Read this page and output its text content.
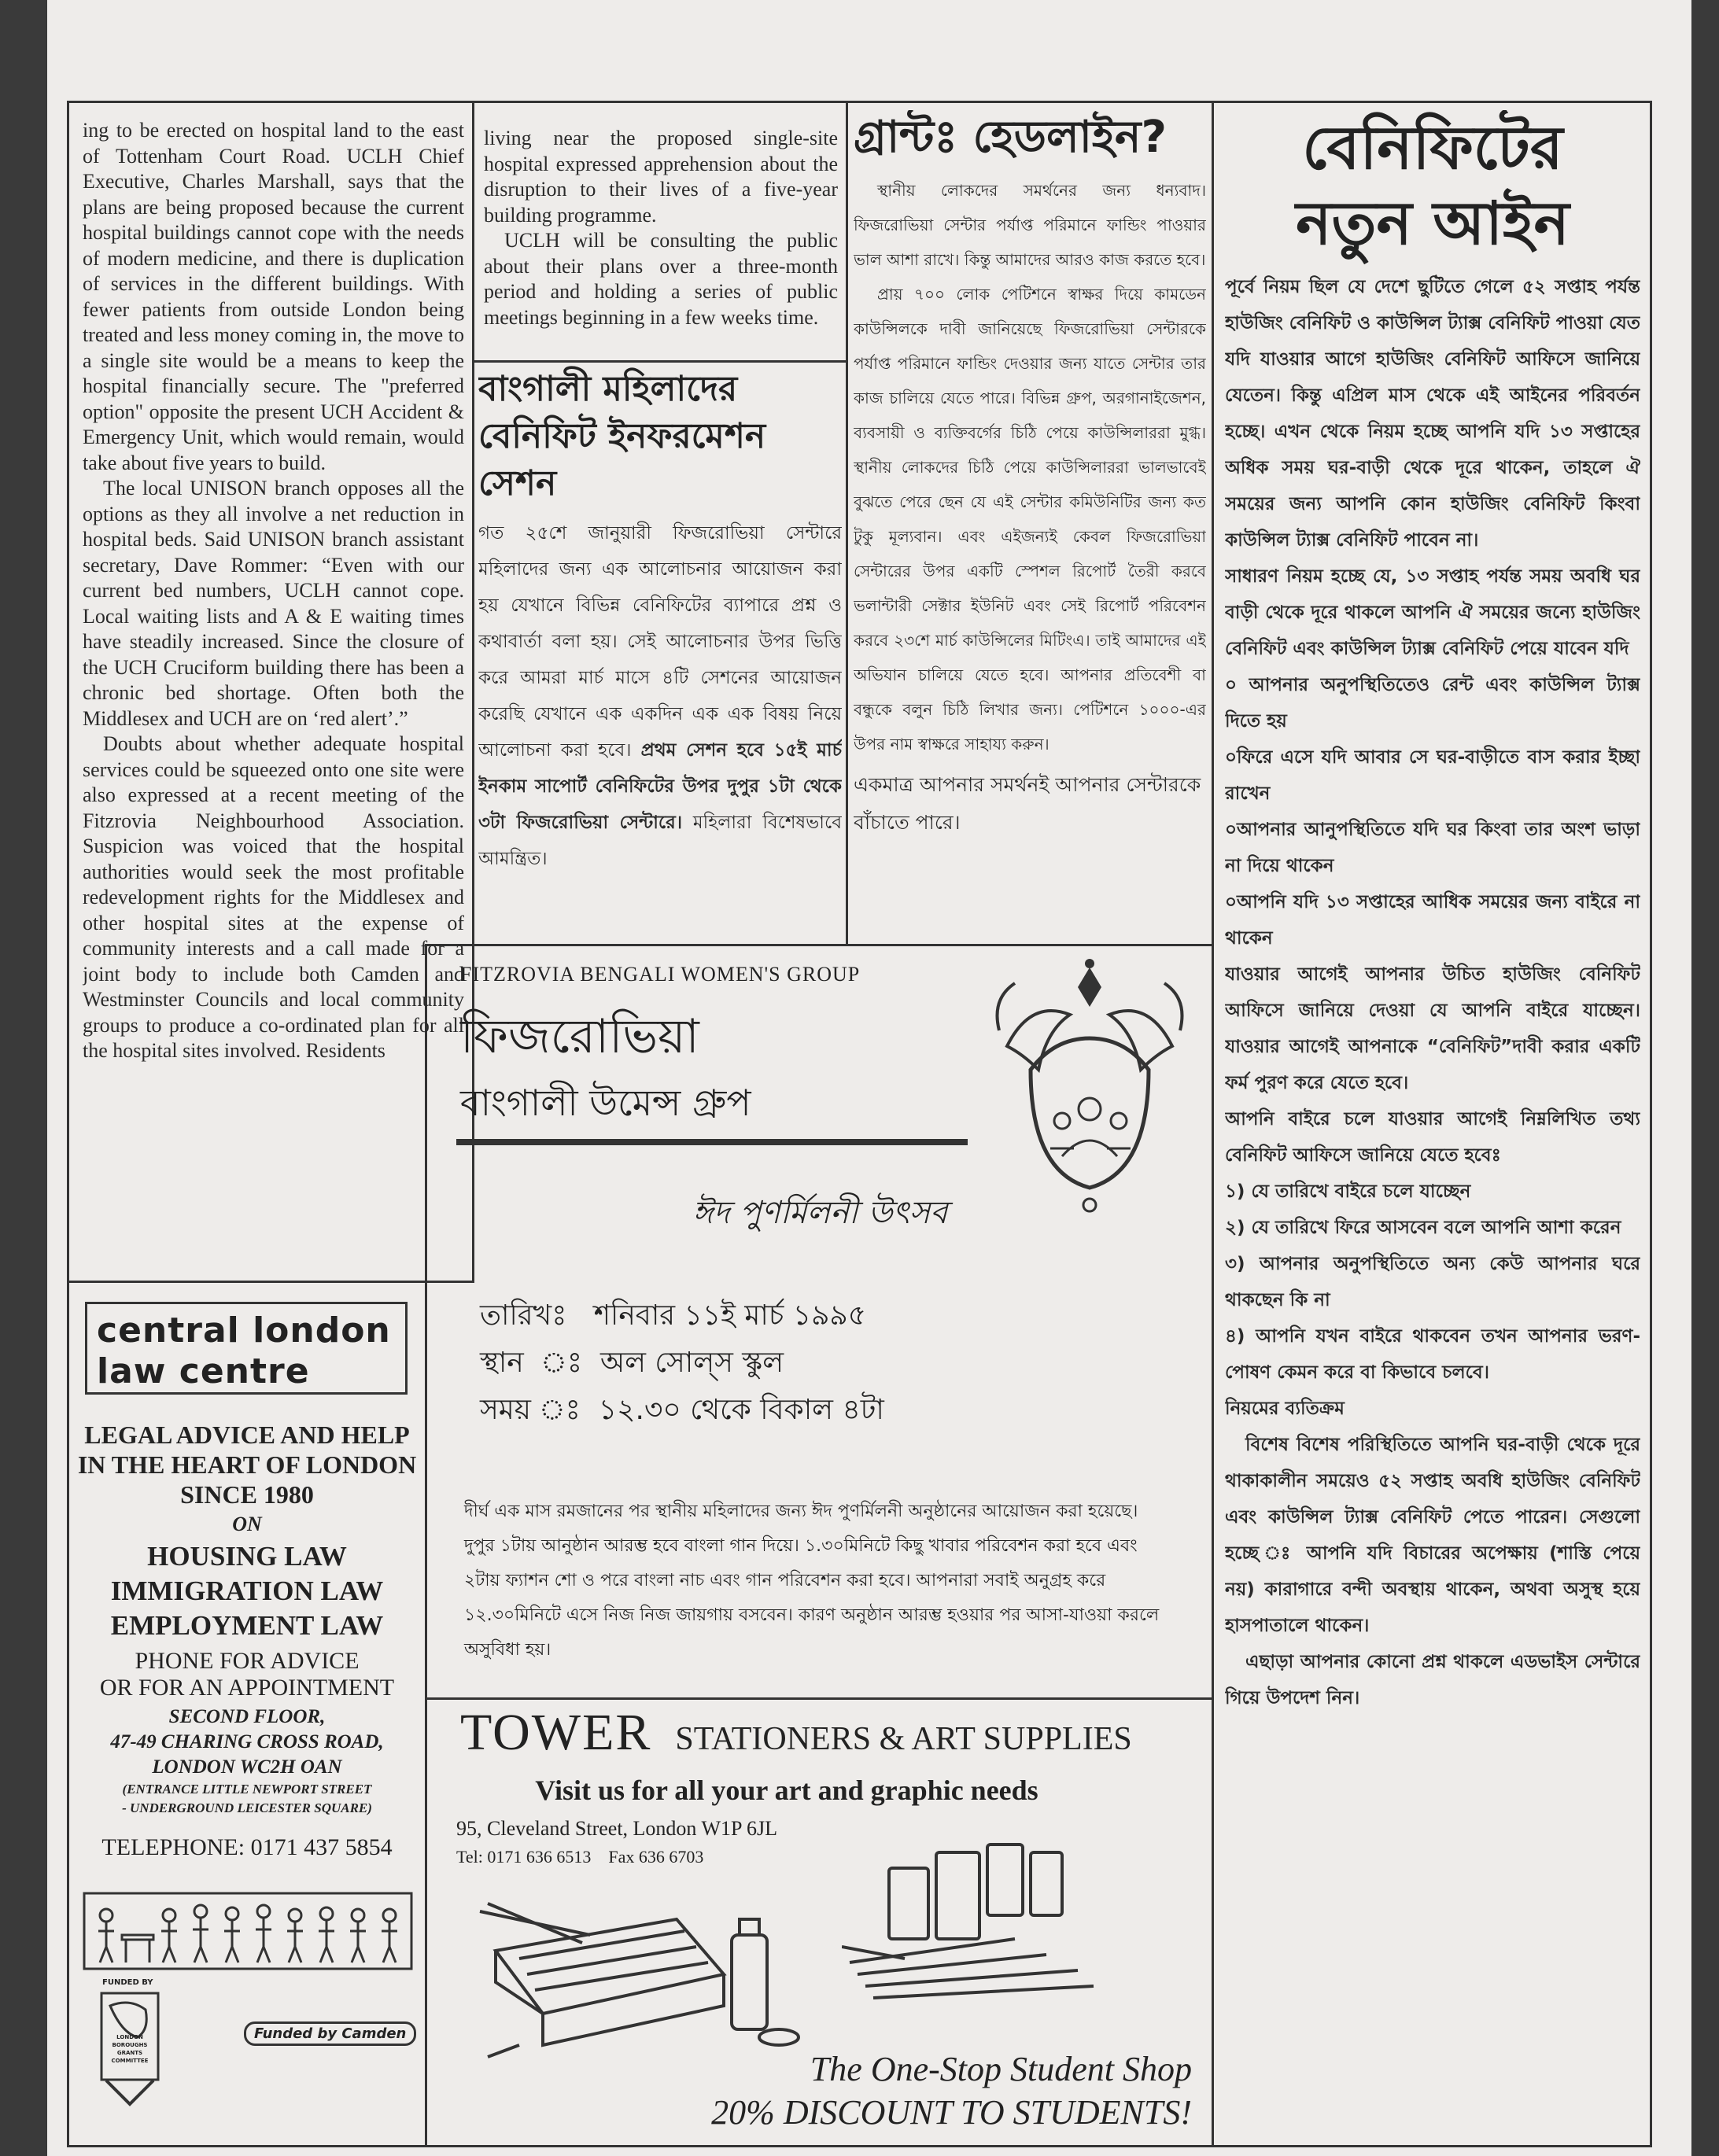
ing to be erected on hospital land to the east of Tottenham Court Road. UCLH Chief Executive, Charles Marshall, says that the plans are being proposed because the current hospital buildings cannot cope with the needs of modern medicine, and there is duplication of services in the different buildings. With fewer patients from outside London being treated and less money coming in, the move to a single site would be a means to keep the hospital financially secure. The "preferred option" opposite the present UCH Accident & Emergency Unit, which would remain, would take about five years to build.

The local UNISON branch opposes all the options as they all involve a net reduction in hospital beds. Said UNISON branch assistant secretary, Dave Rommer: “Even with our current bed numbers, UCLH cannot cope. Local waiting lists and A & E waiting times have steadily increased. Since the closure of the UCH Cruciform building there has been a chronic bed shortage. Often both the Middlesex and UCH are on ‘red alert’.”

Doubts about whether adequate hospital services could be squeezed onto one site were also expressed at a recent meeting of the Fitzrovia Neighbourhood Association. Suspicion was voiced that the hospital authorities would seek the most profitable redevelopment rights for the Middlesex and other hospital sites at the expense of community interests and a call made for a joint body to include both Camden and Westminster Councils and local community groups to produce a co-ordinated plan for all the hospital sites involved. Residents

living near the proposed single-site hospital expressed apprehension about the disruption to their lives of a five-year building programme.

UCLH will be consulting the public about their plans over a three-month period and holding a series of public meetings beginning in a few weeks time.

বাংগালী মহিলাদের বেনিফিট ইনফরমেশন সেশন
গত ২৫শে জানুয়ারী ফিজরোভিয়া সেন্টারে মহিলাদের জন্য এক আলোচনার আয়োজন করা হয় যেখানে বিভিন্ন বেনিফিটের ব্যাপারে প্রশ্ন ও কথাবার্তা বলা হয়। সেই আলোচনার উপর ভিত্তি করে আমরা মার্চ মাসে ৪টি সেশনের আয়োজন করেছি যেখানে এক একদিন এক এক বিষয় নিয়ে আলোচনা করা হবে। প্রথম সেশন হবে ১৫ই মার্চ ইনকাম সাপোর্ট বেনিফিটের উপর দুপুর ১টা থেকে ৩টা ফিজরোভিয়া সেন্টারে। মহিলারা বিশেষভাবে আমন্ত্রিত।
গ্রান্টঃ হেডলাইন?

স্থানীয় লোকদের সমর্থনের জন্য ধন্যবাদ। ফিজরোভিয়া সেন্টার পর্যাপ্ত পরিমানে ফান্ডিং পাওয়ার ভাল আশা রাখে। কিন্তু আমাদের আরও কাজ করতে হবে।

প্রায় ৭০০ লোক পেটিশনে স্বাক্ষর দিয়ে কামডেন কাউন্সিলকে দাবী জানিয়েছে ফিজরোভিয়া সেন্টারকে পর্যাপ্ত পরিমানে ফান্ডিং দেওয়ার জন্য যাতে সেন্টার তার কাজ চালিয়ে যেতে পারে। বিভিন্ন গ্রুপ, অরগানাইজেশন, ব্যবসায়ী ও ব্যক্তিবর্গের চিঠি পেয়ে কাউন্সিলাররা মুগ্ধ। স্থানীয় লোকদের চিঠি পেয়ে কাউন্সিলাররা ভালভাবেই বুঝতে পেরে ছেন যে এই সেন্টার কমিউনিটির জন্য কত টুকু মূল্যবান। এবং এইজন্যই কেবল ফিজরোভিয়া সেন্টারের উপর একটি স্পেশল রিপোর্ট তৈরী করবে ভলান্টারী সেক্টার ইউনিট এবং সেই রিপোর্ট পরিবেশন করবে ২৩শে মার্চ কাউন্সিলের মিটিংএ। তাই আমাদের এই অভিযান চালিয়ে যেতে হবে। আপনার প্রতিবেশী বা বন্ধুকে বলুন চিঠি লিখার জন্য। পেটিশনে ১০০০-এর উপর নাম স্বাক্ষরে সাহায্য করুন।

একমাত্র আপনার সমর্থনই আপনার সেন্টারকে বাঁচাতে পারে।
বেনিফিটের
নতুন আইন

পূর্বে নিয়ম ছিল যে দেশে ছুটিতে গেলে ৫২ সপ্তাহ পর্যন্ত হাউজিং বেনিফিট ও কাউন্সিল ট্যাক্স বেনিফিট পাওয়া যেত যদি যাওয়ার আগে হাউজিং বেনিফিট আফিসে জানিয়ে যেতেন। কিন্তু এপ্রিল মাস থেকে এই আইনের পরিবর্তন হচ্ছে। এখন থেকে নিয়ম হচ্ছে আপনি যদি ১৩ সপ্তাহের অধিক সময় ঘর-বাড়ী থেকে দূরে থাকেন, তাহলে ঐ সময়ের জন্য আপনি কোন হাউজিং বেনিফিট কিংবা কাউন্সিল ট্যাক্স বেনিফিট পাবেন না।

সাধারণ নিয়ম হচ্ছে যে, ১৩ সপ্তাহ পর্যন্ত সময় অবধি ঘর বাড়ী থেকে দূরে থাকলে আপনি ঐ সময়ের জন্যে হাউজিং বেনিফিট এবং কাউন্সিল ট্যাক্স বেনিফিট পেয়ে যাবেন যদি

০ আপনার অনুপস্থিতিতেও রেন্ট এবং কাউন্সিল ট্যাক্স দিতে হয়

০ফিরে এসে যদি আবার সে ঘর-বাড়ীতে বাস করার ইচ্ছা রাখেন

০আপনার আনুপস্থিতিতে যদি ঘর কিংবা তার অংশ ভাড়া না দিয়ে থাকেন

০আপনি যদি ১৩ সপ্তাহের আধিক সময়ের জন্য বাইরে না থাকেন

যাওয়ার আগেই আপনার উচিত হাউজিং বেনিফিট আফিসে জানিয়ে দেওয়া যে আপনি বাইরে যাচ্ছেন। যাওয়ার আগেই আপনাকে “বেনিফিট”দাবী করার একটি ফর্ম পুরণ করে যেতে হবে।

আপনি বাইরে চলে যাওয়ার আগেই নিম্নলিখিত তথ্য বেনিফিট আফিসে জানিয়ে যেতে হবেঃ

১) যে তারিখে বাইরে চলে যাচ্ছেন

২) যে তারিখে ফিরে আসবেন বলে আপনি আশা করেন

৩) আপনার অনুপস্থিতিতে অন্য কেউ আপনার ঘরে থাকছেন কি না

৪) আপনি যখন বাইরে থাকবেন তখন আপনার ভরণ-পোষণ কেমন করে বা কিভাবে চলবে।

নিয়মের ব্যতিক্রম

বিশেষ বিশেষ পরিস্থিতিতে আপনি ঘর-বাড়ী থেকে দূরে থাকাকালীন সময়েও ৫২ সপ্তাহ অবধি হাউজিং বেনিফিট এবং কাউন্সিল ট্যাক্স বেনিফিট পেতে পারেন। সেগুলো হচ্ছে ঃ আপনি যদি বিচারের অপেক্ষায় (শাস্তি পেয়ে নয়) কারাগারে বন্দী অবস্থায় থাকেন, অথবা অসুস্থ হয়ে হাসপাতালে থাকেন।

এছাড়া আপনার কোনো প্রশ্ন থাকলে এডভাইস সেন্টারে গিয়ে উপদেশ নিন।

FITZROVIA BENGALI WOMEN'S GROUP
ফিজরোভিয়া
বাংগালী উমেন্স গ্রুপ
ঈদ পুণর্মিলনী উৎসব
তারিখঃ   শনিবার ১১ই মার্চ ১৯৯৫
স্থান  ঃ  অল সোল্‌স স্কুল
সময় ঃ  ১২.৩০ থেকে বিকাল ৪টা
দীর্ঘ এক মাস রমজানের পর স্থানীয় মহিলাদের জন্য ঈদ পুণর্মিলনী অনুষ্ঠানের আয়োজন করা হয়েছে। দুপুর ১টায় আনুষ্ঠান আরম্ভ হবে বাংলা গান দিয়ে। ১.৩০মিনিটে কিছু খাবার পরিবেশন করা হবে এবং ২টায় ফ্যাশন শো ও পরে বাংলা নাচ এবং গান পরিবেশন করা হবে। আপনারা সবাই অনুগ্রহ করে ১২.৩০মিনিটে এসে নিজ নিজ জায়গায় বসবেন। কারণ অনুষ্ঠান আরম্ভ হওয়ার পর আসা-যাওয়া করলে অসুবিধা হয়।
central london
law centre
LEGAL ADVICE AND HELP
IN THE HEART OF LONDON
SINCE 1980
ON
HOUSING LAW
IMMIGRATION LAW
EMPLOYMENT LAW
PHONE FOR ADVICE
OR FOR AN APPOINTMENT
SECOND FLOOR,
47-49 CHARING CROSS ROAD,
LONDON WC2H OAN
(ENTRANCE LITTLE NEWPORT STREET
- UNDERGROUND LEICESTER SQUARE)
TELEPHONE: 0171 437 5854
FUNDED BY
LONDON BOROUGHS GRANTS COMMITTEE
Funded by Camden
TOWER STATIONERS & ART SUPPLIES
Visit us for all your art and graphic needs
95, Cleveland Street, London W1P 6JL
Tel: 0171 636 6513    Fax 636 6703
The One-Stop Student Shop
20% DISCOUNT TO STUDENTS!
